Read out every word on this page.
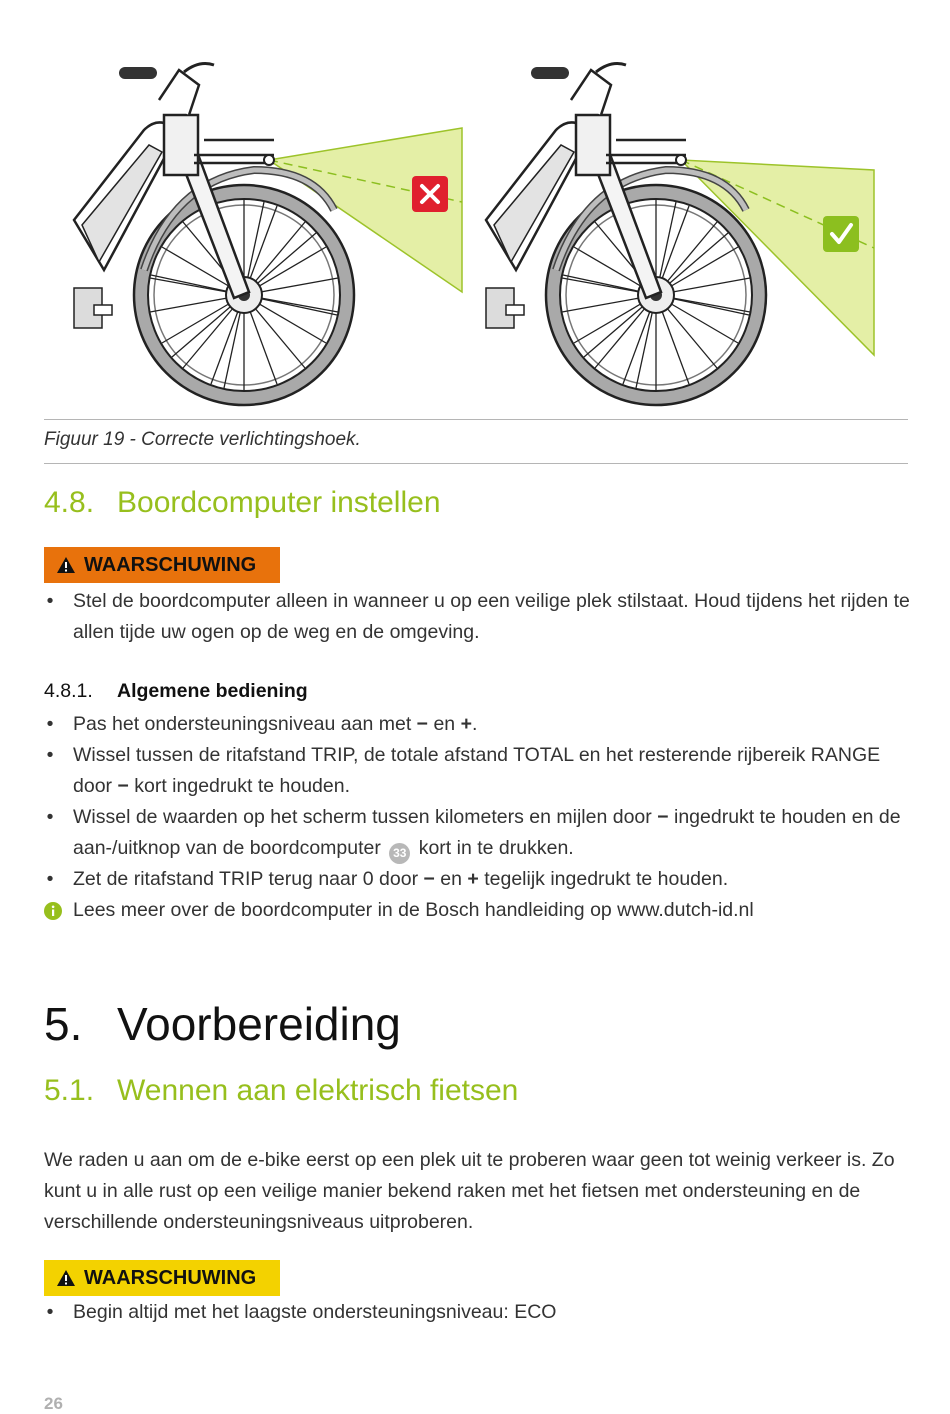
Figuur 19 - Correcte verlichtingshoek.
4.8. Boordcomputer instellen
WAARSCHUWING
• Stel de boordcomputer alleen in wanneer u op een veilige plek stilstaat. Houd tijdens het rijden te allen tijde uw ogen op de weg en de omgeving.
4.8.1. Algemene bediening
• Pas het ondersteuningsniveau aan met − en +.
• Wissel tussen de ritafstand TRIP, de totale afstand TOTAL en het resterende rijbereik RANGE door − kort ingedrukt te houden.
• Wissel de waarden op het scherm tussen kilometers en mijlen door − ingedrukt te houden en de aan-/uitknop van de boordcomputer 33 kort in te drukken.
• Zet de ritafstand TRIP terug naar 0 door − en + tegelijk ingedrukt te houden.
Lees meer over de boordcomputer in de Bosch handleiding op www.dutch-id.nl
5. Voorbereiding
5.1. Wennen aan elektrisch fietsen
We raden u aan om de e-bike eerst op een plek uit te proberen waar geen tot weinig verkeer is. Zo kunt u in alle rust op een veilige manier bekend raken met het fietsen met ondersteuning en de verschillende ondersteuningsniveaus uitproberen.
WAARSCHUWING
• Begin altijd met het laagste ondersteuningsniveau: ECO
26
